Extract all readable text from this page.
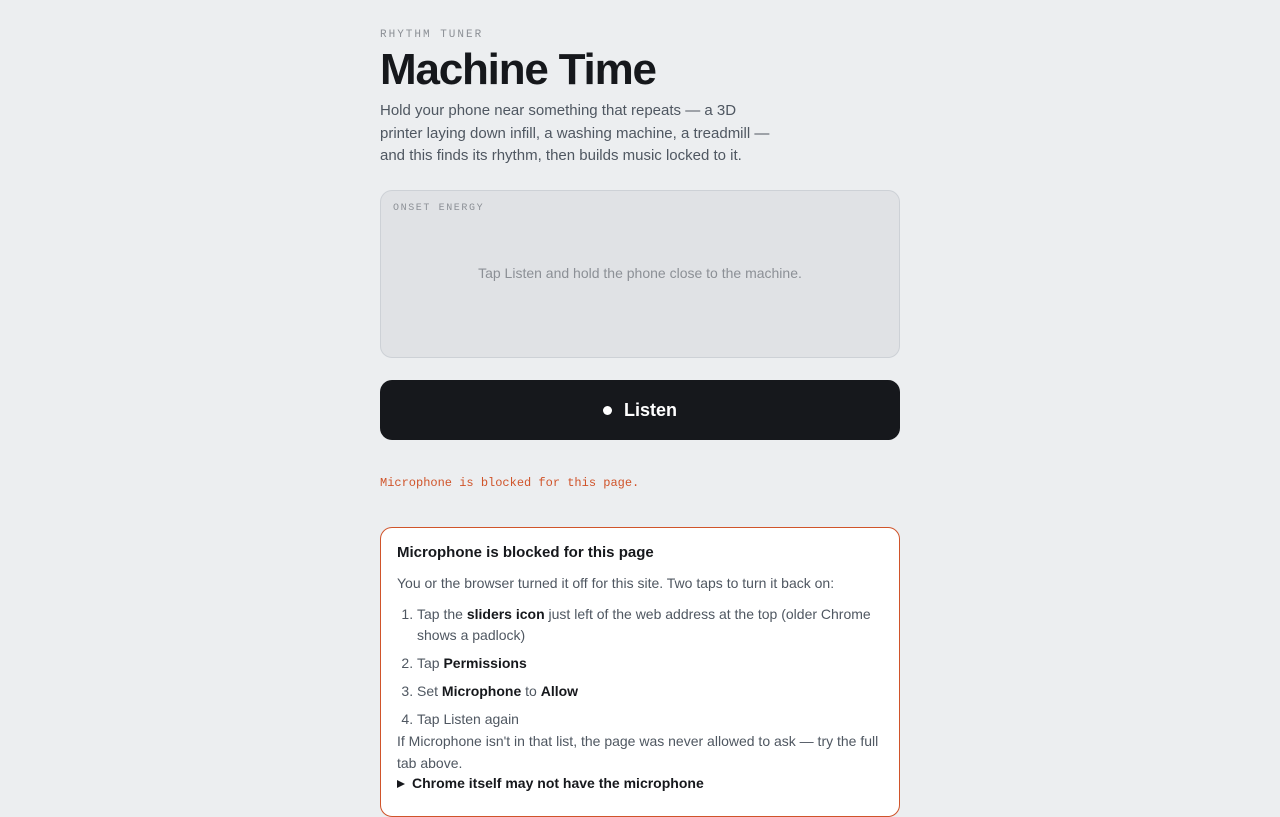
RHYTHM TUNER
Machine Time

Hold your phone near something that repeats — a 3D printer laying down infill, a washing machine, a treadmill — and this finds its rhythm, then builds music locked to it.

ONSET ENERGY
Tap Listen and hold the phone close to the machine.
Listen
Microphone is blocked for this page.
Microphone is blocked for this page

You or the browser turned it off for this site. Two taps to turn it back on:

1. Tap the sliders icon just left of the web address at the top (older Chrome shows a padlock)
2. Tap Permissions
3. Set Microphone to Allow
4. Tap Listen again

If Microphone isn't in that list, the page was never allowed to ask — try the full tab above.

Chrome itself may not have the microphone
